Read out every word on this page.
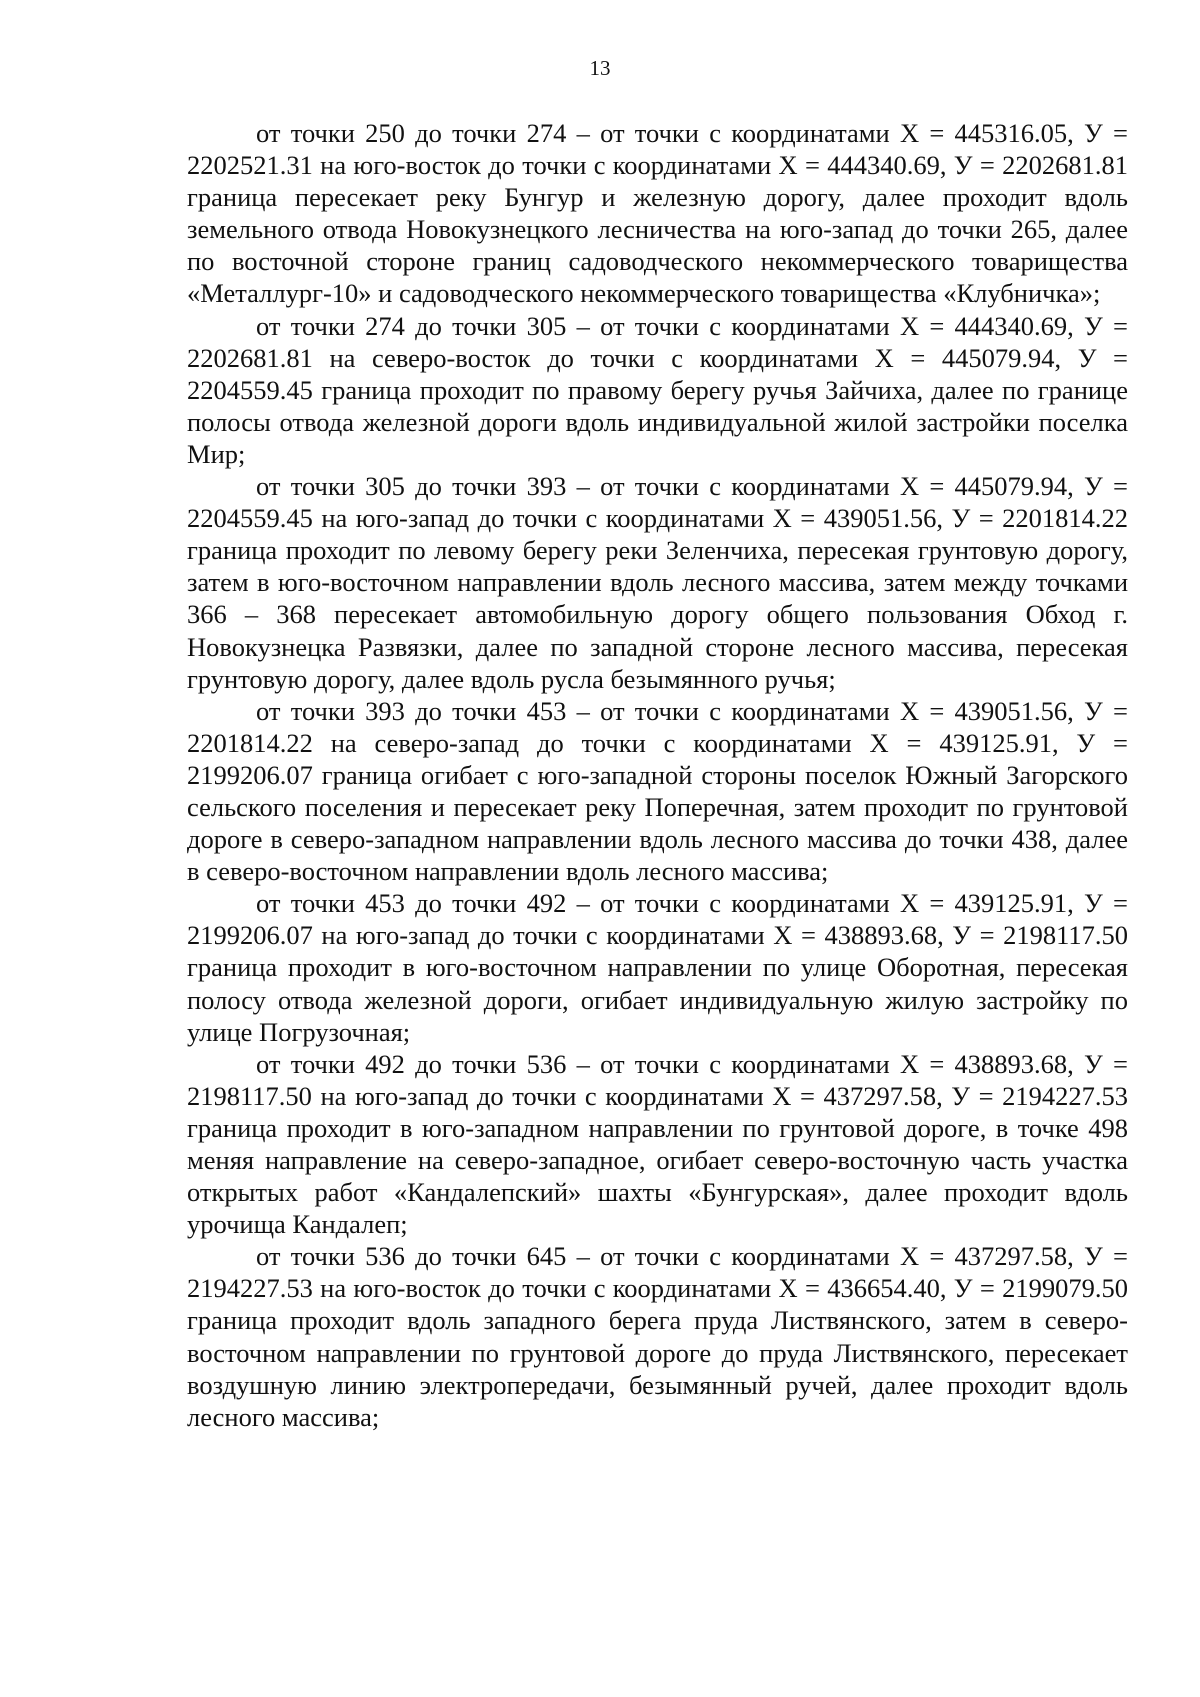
13

от точки 250 до точки 274 – от точки с координатами Х = 445316.05, У = 2202521.31 на юго-восток до точки с координатами Х = 444340.69, У = 2202681.81 граница пересекает реку Бунгур и железную дорогу, далее проходит вдоль земельного отвода Новокузнецкого лесничества на юго-запад до точки 265, далее по восточной стороне границ садоводческого некоммерческого товарищества «Металлург-10» и садоводческого некоммерческого товарищества «Клубничка»;

от точки 274 до точки 305 – от точки с координатами Х = 444340.69, У = 2202681.81 на северо-восток до точки с координатами Х = 445079.94, У = 2204559.45 граница проходит по правому берегу ручья Зайчиха, далее по границе полосы отвода железной дороги вдоль индивидуальной жилой застройки поселка Мир;

от точки 305 до точки 393 – от точки с координатами Х = 445079.94, У = 2204559.45 на юго-запад до точки с координатами Х = 439051.56, У = 2201814.22 граница проходит по левому берегу реки Зеленчиха, пересекая грунтовую дорогу, затем в юго-восточном направлении вдоль лесного массива, затем между точками 366 – 368 пересекает автомобильную дорогу общего пользования Обход г. Новокузнецка Развязки, далее по западной стороне лесного массива, пересекая грунтовую дорогу, далее вдоль русла безымянного ручья;

от точки 393 до точки 453 – от точки с координатами Х = 439051.56, У = 2201814.22 на северо-запад до точки с координатами Х = 439125.91, У = 2199206.07 граница огибает с юго-западной стороны поселок Южный Загорского сельского поселения и пересекает реку Поперечная, затем проходит по грунтовой дороге в северо-западном направлении вдоль лесного массива до точки 438, далее в северо-восточном направлении вдоль лесного массива;

от точки 453 до точки 492 – от точки с координатами Х = 439125.91, У = 2199206.07 на юго-запад до точки с координатами Х = 438893.68, У = 2198117.50 граница проходит в юго-восточном направлении по улице Оборотная, пересекая полосу отвода железной дороги, огибает индивидуальную жилую застройку по улице Погрузочная;

от точки 492 до точки 536 – от точки с координатами Х = 438893.68, У = 2198117.50 на юго-запад до точки с координатами Х = 437297.58, У = 2194227.53 граница проходит в юго-западном направлении по грунтовой дороге, в точке 498 меняя направление на северо-западное, огибает северо-восточную часть участка открытых работ «Кандалепский» шахты «Бунгурская», далее проходит вдоль урочища Кандалеп;

от точки 536 до точки 645 – от точки с координатами Х = 437297.58, У = 2194227.53 на юго-восток до точки с координатами Х = 436654.40, У = 2199079.50 граница проходит вдоль западного берега пруда Листвянского, затем в северо-восточном направлении по грунтовой дороге до пруда Листвянского, пересекает воздушную линию электропередачи, безымянный ручей, далее проходит вдоль лесного массива;
